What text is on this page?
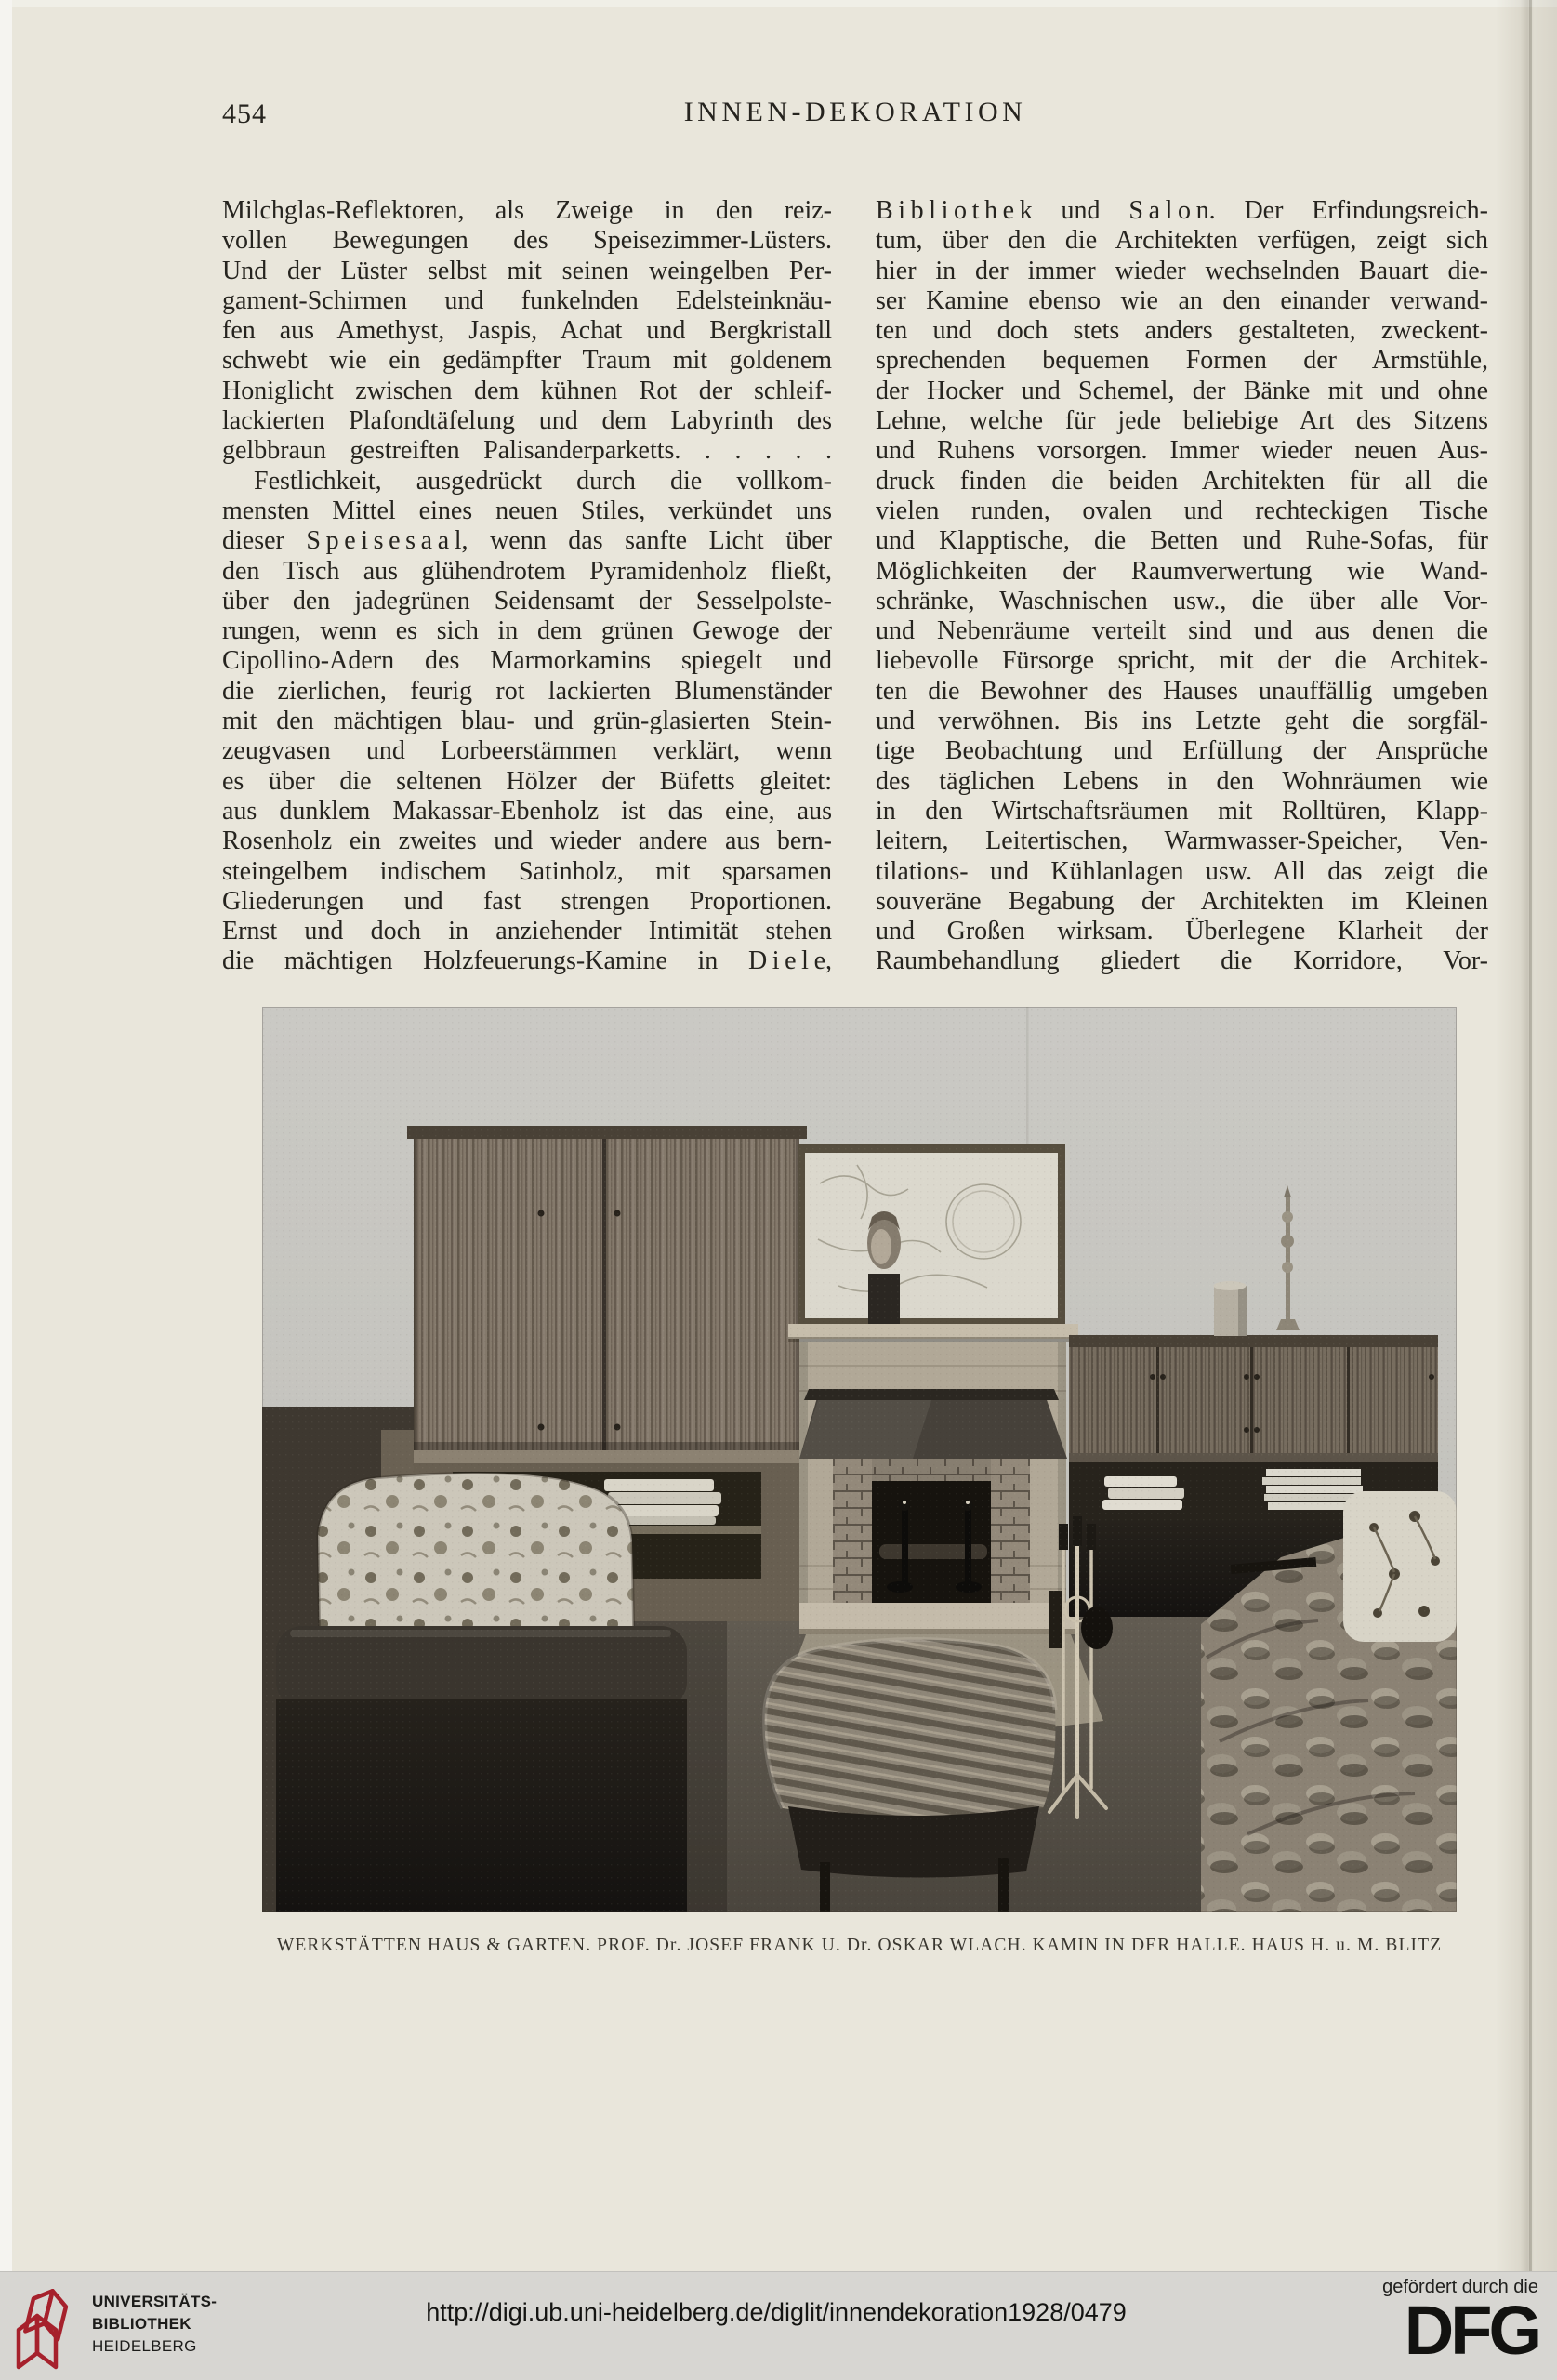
454	INNEN-DEKORATION
Milchglas-Reflektoren, als Zweige in den reiz-
vollen Bewegungen des Speisezimmer-Lüsters.
Und der Lüster selbst mit seinen weingelben Per-
gament-Schirmen und funkelnden Edelsteinknäu-
fen aus Amethyst, Jaspis, Achat und Bergkristall
schwebt wie ein gedämpfter Traum mit goldenem
Honiglicht zwischen dem kühnen Rot der schleif-
lackierten Plafondtäfelung und dem Labyrinth des
gelbbraun gestreiften Palisanderparketts. . . . . .
Festlichkeit, ausgedrückt durch die vollkom-
mensten Mittel eines neuen Stiles, verkündet uns
dieser S p e i s e s a a l, wenn das sanfte Licht über
den Tisch aus glühendrotem Pyramidenholz fließt,
über den jadegrünen Seidensamt der Sesselpolste-
rungen, wenn es sich in dem grünen Gewoge der
Cipollino-Adern des Marmorkamins spiegelt und
die zierlichen, feurig rot lackierten Blumenständer
mit den mächtigen blau- und grün-glasierten Stein-
zeugvasen und Lorbeerstämmen verklärt, wenn
es über die seltenen Hölzer der Büfetts gleitet:
aus dunklem Makassar-Ebenholz ist das eine, aus
Rosenholz ein zweites und wieder andere aus bern-
steingelbem indischem Satinholz, mit sparsamen
Gliederungen und fast strengen Proportionen.
Ernst und doch in anziehender Intimität stehen
die mächtigen Holzfeuerungs-Kamine in D i e l e,
B i b l i o t h e k und S a l o n. Der Erfindungsreich-
tum, über den die Architekten verfügen, zeigt sich
hier in der immer wieder wechselnden Bauart die-
ser Kamine ebenso wie an den einander verwand-
ten und doch stets anders gestalteten, zweckent-
sprechenden bequemen Formen der Armstühle,
der Hocker und Schemel, der Bänke mit und ohne
Lehne, welche für jede beliebige Art des Sitzens
und Ruhens vorsorgen. Immer wieder neuen Aus-
druck finden die beiden Architekten für all die
vielen runden, ovalen und rechteckigen Tische
und Klapptische, die Betten und Ruhe-Sofas, für
Möglichkeiten der Raumverwertung wie Wand-
schränke, Waschnischen usw., die über alle Vor-
und Nebenräume verteilt sind und aus denen die
liebevolle Fürsorge spricht, mit der die Architek-
ten die Bewohner des Hauses unauffällig umgeben
und verwöhnen. Bis ins Letzte geht die sorgfäl-
tige Beobachtung und Erfüllung der Ansprüche
des täglichen Lebens in den Wohnräumen wie
in den Wirtschaftsräumen mit Rolltüren, Klapp-
leitern, Leitertischen, Warmwasser-Speicher, Ven-
tilations- und Kühlanlagen usw. All das zeigt die
souveräne Begabung der Architekten im Kleinen
und Großen wirksam. Überlegene Klarheit der
Raumbehandlung gliedert die Korridore, Vor-
WERKSTÄTTEN HAUS & GARTEN. PROF. Dr. JOSEF FRANK U. Dr. OSKAR WLACH. KAMIN IN DER HALLE. HAUS H. u. M. BLITZ
UNIVERSITÄTS-
BIBLIOTHEK
HEIDELBERG
http://digi.ub.uni-heidelberg.de/diglit/innendekoration1928/0479
gefördert durch die
DFG
